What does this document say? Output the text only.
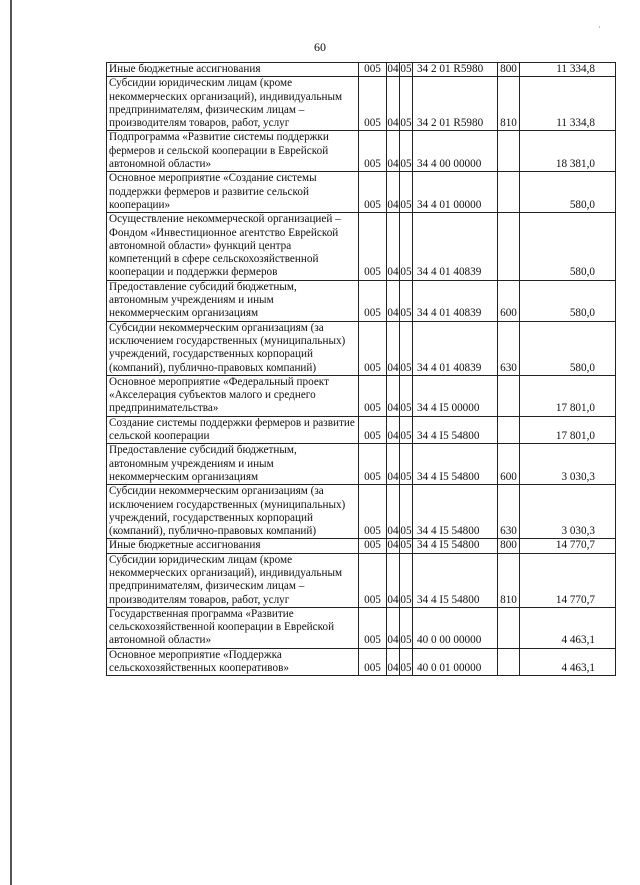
60
·
Иные бюджетные ассигнования	005	04	05	34 2 01 R5980	800	11 334,8
Субсидии юридическим лицам (кроме некоммерческих организаций), индивидуальным предпринимателям, физическим лицам – производителям товаров, работ, услуг	005	04	05	34 2 01 R5980	810	11 334,8
Подпрограмма «Развитие системы поддержки фермеров и сельской кооперации в Еврейской автономной области»	005	04	05	34 4 00 00000		18 381,0
Основное мероприятие «Создание системы поддержки фермеров и развитие сельской кооперации»	005	04	05	34 4 01 00000		580,0
Осуществление некоммерческой организацией – Фондом «Инвестиционное агентство Еврейской автономной области» функций центра компетенций в сфере сельскохозяйственной кооперации и поддержки фермеров	005	04	05	34 4 01 40839		580,0
Предоставление субсидий бюджетным, автономным учреждениям и иным некоммерческим организациям	005	04	05	34 4 01 40839	600	580,0
Субсидии некоммерческим организациям (за исключением государственных (муниципальных) учреждений, государственных корпораций (компаний), публично-правовых компаний)	005	04	05	34 4 01 40839	630	580,0
Основное мероприятие «Федеральный проект «Акселерация субъектов малого и среднего предпринимательства»	005	04	05	34 4 I5 00000		17 801,0
Создание системы поддержки фермеров и развитие сельской кооперации	005	04	05	34 4 I5 54800		17 801,0
Предоставление субсидий бюджетным, автономным учреждениям и иным некоммерческим организациям	005	04	05	34 4 I5 54800	600	3 030,3
Субсидии некоммерческим организациям (за исключением государственных (муниципальных) учреждений, государственных корпораций (компаний), публично-правовых компаний)	005	04	05	34 4 I5 54800	630	3 030,3
Иные бюджетные ассигнования	005	04	05	34 4 I5 54800	800	14 770,7
Субсидии юридическим лицам (кроме некоммерческих организаций), индивидуальным предпринимателям, физическим лицам – производителям товаров, работ, услуг	005	04	05	34 4 I5 54800	810	14 770,7
Государственная программа «Развитие сельскохозяйственной кооперации в Еврейской автономной области»	005	04	05	40 0 00 00000		4 463,1
Основное мероприятие «Поддержка сельскохозяйственных кооперативов»	005	04	05	40 0 01 00000		4 463,1
